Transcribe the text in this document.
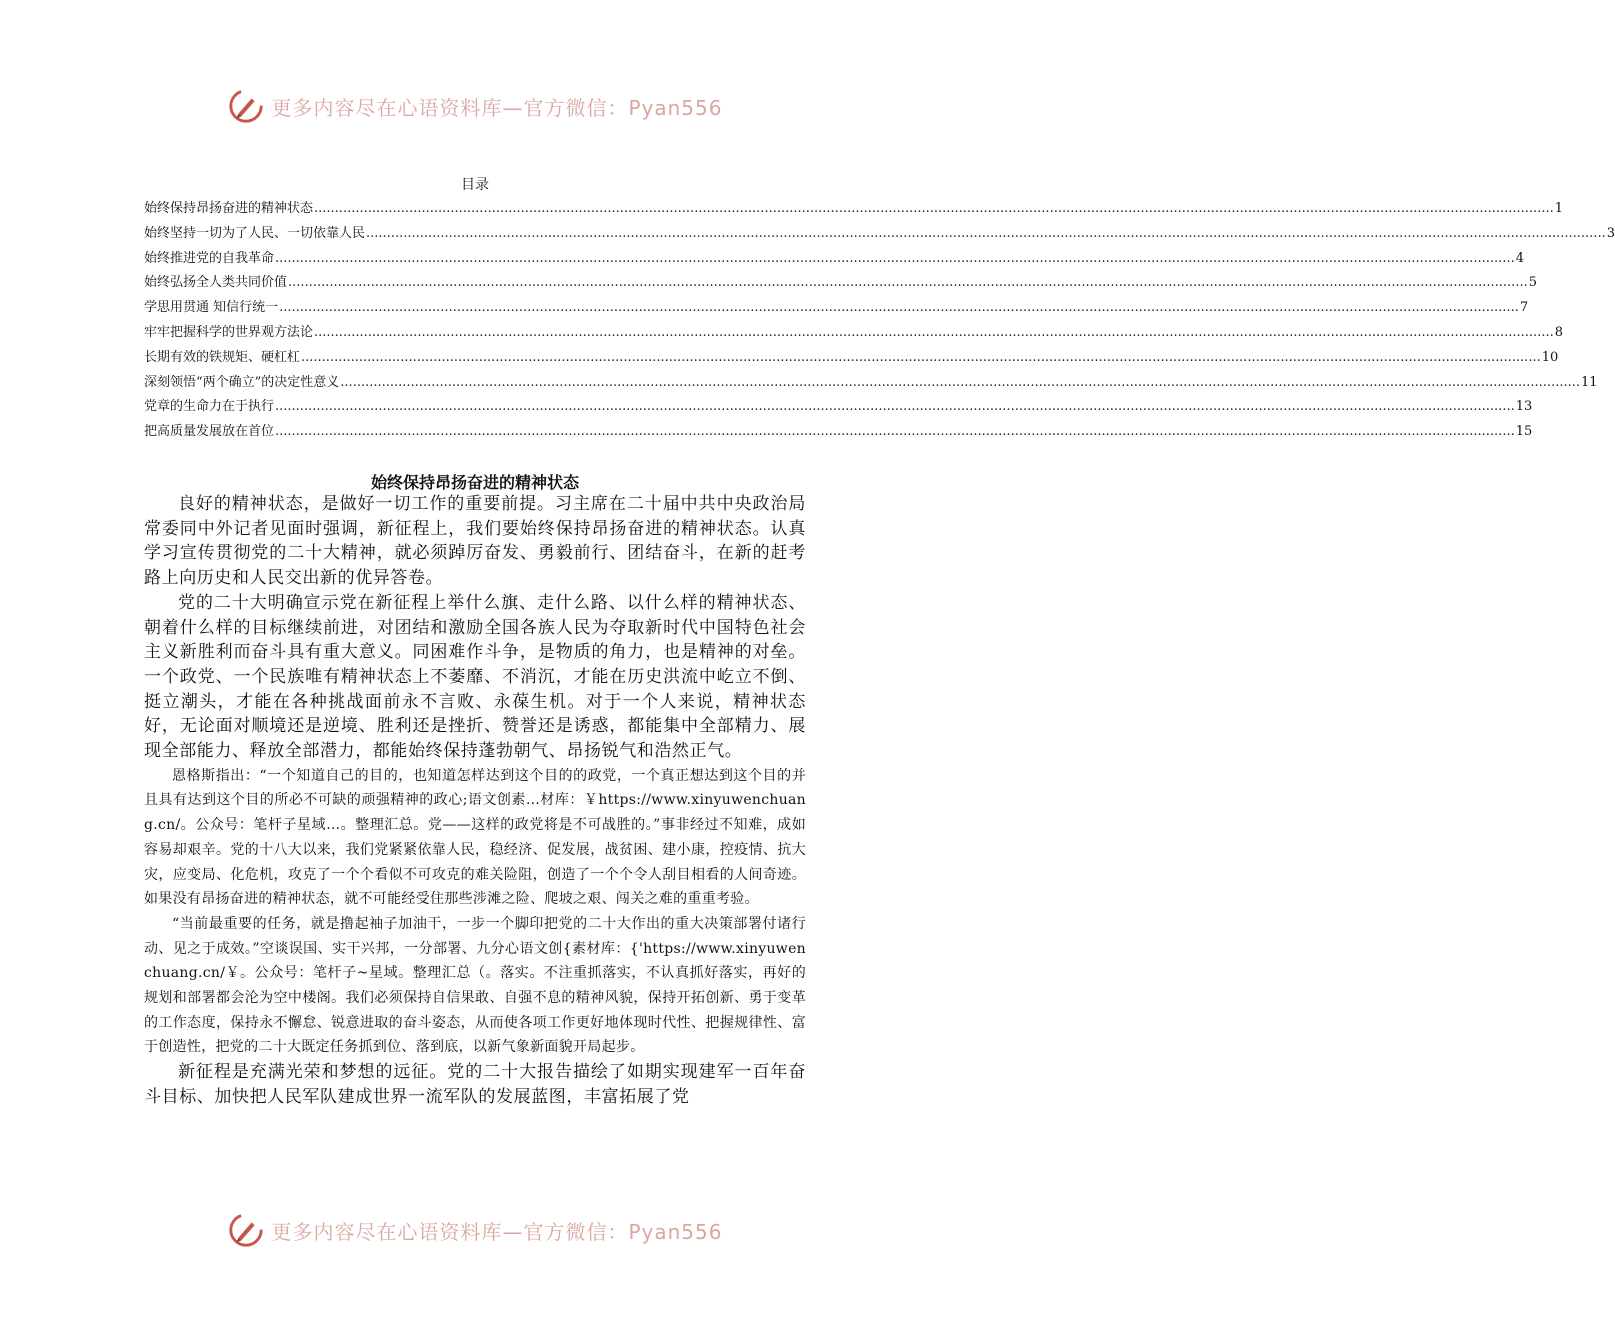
更多内容尽在心语资料库—官方微信：Pyan556
目录
始终保持昂扬奋进的精神状态 ............................................................................................................................................................................................................................................................................................................ 1
始终坚持一切为了人民、一切依靠人民 ............................................................................................................................................................................................................................................................................................................ 3
始终推进党的自我革命 ............................................................................................................................................................................................................................................................................................................ 4
始终弘扬全人类共同价值 ............................................................................................................................................................................................................................................................................................................ 5
学思用贯通 知信行统一 ............................................................................................................................................................................................................................................................................................................ 7
牢牢把握科学的世界观方法论 ............................................................................................................................................................................................................................................................................................................ 8
长期有效的铁规矩、硬杠杠 ............................................................................................................................................................................................................................................................................................................ 10
深刻领悟“两个确立”的决定性意义 ............................................................................................................................................................................................................................................................................................................ 11
党章的生命力在于执行 ............................................................................................................................................................................................................................................................................................................ 13
把高质量发展放在首位 ............................................................................................................................................................................................................................................................................................................ 15
始终保持昂扬奋进的精神状态

良好的精神状态，是做好一切工作的重要前提。习主席在二十届中共中央政治局常委同中外记者见面时强调，新征程上，我们要始终保持昂扬奋进的精神状态。认真学习宣传贯彻党的二十大精神，就必须踔厉奋发、勇毅前行、团结奋斗，在新的赶考路上向历史和人民交出新的优异答卷。

党的二十大明确宣示党在新征程上举什么旗、走什么路、以什么样的精神状态、朝着什么样的目标继续前进，对团结和激励全国各族人民为夺取新时代中国特色社会主义新胜利而奋斗具有重大意义。同困难作斗争，是物质的角力，也是精神的对垒。一个政党、一个民族唯有精神状态上不萎靡、不消沉，才能在历史洪流中屹立不倒、挺立潮头，才能在各种挑战面前永不言败、永葆生机。对于一个人来说，精神状态好，无论面对顺境还是逆境、胜利还是挫折、赞誉还是诱惑，都能集中全部精力、展现全部能力、释放全部潜力，都能始终保持蓬勃朝气、昂扬锐气和浩然正气。

恩格斯指出：“一个知道自己的目的，也知道怎样达到这个目的的政党，一个真正想达到这个目的并且具有达到这个目的所必不可缺的顽强精神的政心;语文创素…材库：￥https://www.xinyuwenchuang.cn/。公众号：笔杆子星域…。整理汇总。党——这样的政党将是不可战胜的。”事非经过不知难，成如容易却艰辛。党的十八大以来，我们党紧紧依靠人民，稳经济、促发展，战贫困、建小康，控疫情、抗大灾，应变局、化危机，攻克了一个个看似不可攻克的难关险阻，创造了一个个令人刮目相看的人间奇迹。如果没有昂扬奋进的精神状态，就不可能经受住那些涉滩之险、爬坡之艰、闯关之难的重重考验。

“当前最重要的任务，就是撸起袖子加油干，一步一个脚印把党的二十大作出的重大决策部署付诸行动、见之于成效。”空谈误国、实干兴邦，一分部署、九分心语文创{素材库：{'https://www.xinyuwenchuang.cn/￥。公众号：笔杆子~星域。整理汇总（。落实。不注重抓落实，不认真抓好落实，再好的规划和部署都会沦为空中楼阁。我们必须保持自信果敢、自强不息的精神风貌，保持开拓创新、勇于变革的工作态度，保持永不懈怠、锐意进取的奋斗姿态，从而使各项工作更好地体现时代性、把握规律性、富于创造性，把党的二十大既定任务抓到位、落到底，以新气象新面貌开局起步。

新征程是充满光荣和梦想的远征。党的二十大报告描绘了如期实现建军一百年奋斗目标、加快把人民军队建成世界一流军队的发展蓝图，丰富拓展了党

更多内容尽在心语资料库—官方微信：Pyan556
